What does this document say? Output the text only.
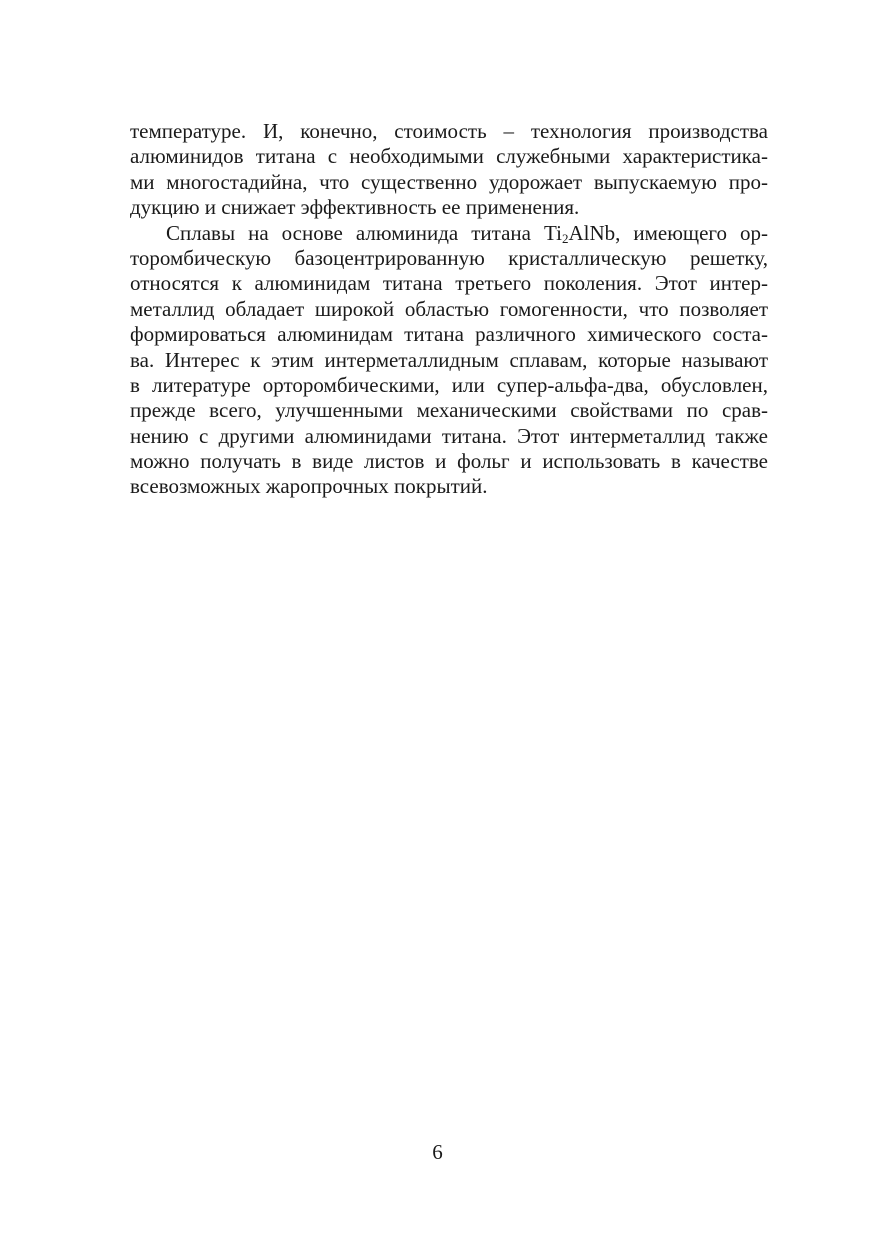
температуре. И, конечно, стоимость – технология производства
алюминидов титана с необходимыми служебными характеристика-
ми многостадийна, что существенно удорожает выпускаемую про-
дукцию и снижает эффективность ее применения.
Сплавы на основе алюминида титана $Ti_2AlNb$, имеющего ор-
торомбическую базоцентрированную кристаллическую решетку,
относятся к алюминидам титана третьего поколения. Этот интер-
металлид обладает широкой областью гомогенности, что позволяет
формироваться алюминидам титана различного химического соста-
ва. Интерес к этим интерметаллидным сплавам, которые называют
в литературе орторомбическими, или супер-альфа-два, обусловлен,
прежде всего, улучшенными механическими свойствами по срав-
нению с другими алюминидами титана. Этот интерметаллид также
можно получать в виде листов и фольг и использовать в качестве
всевозможных жаропрочных покрытий.
6
